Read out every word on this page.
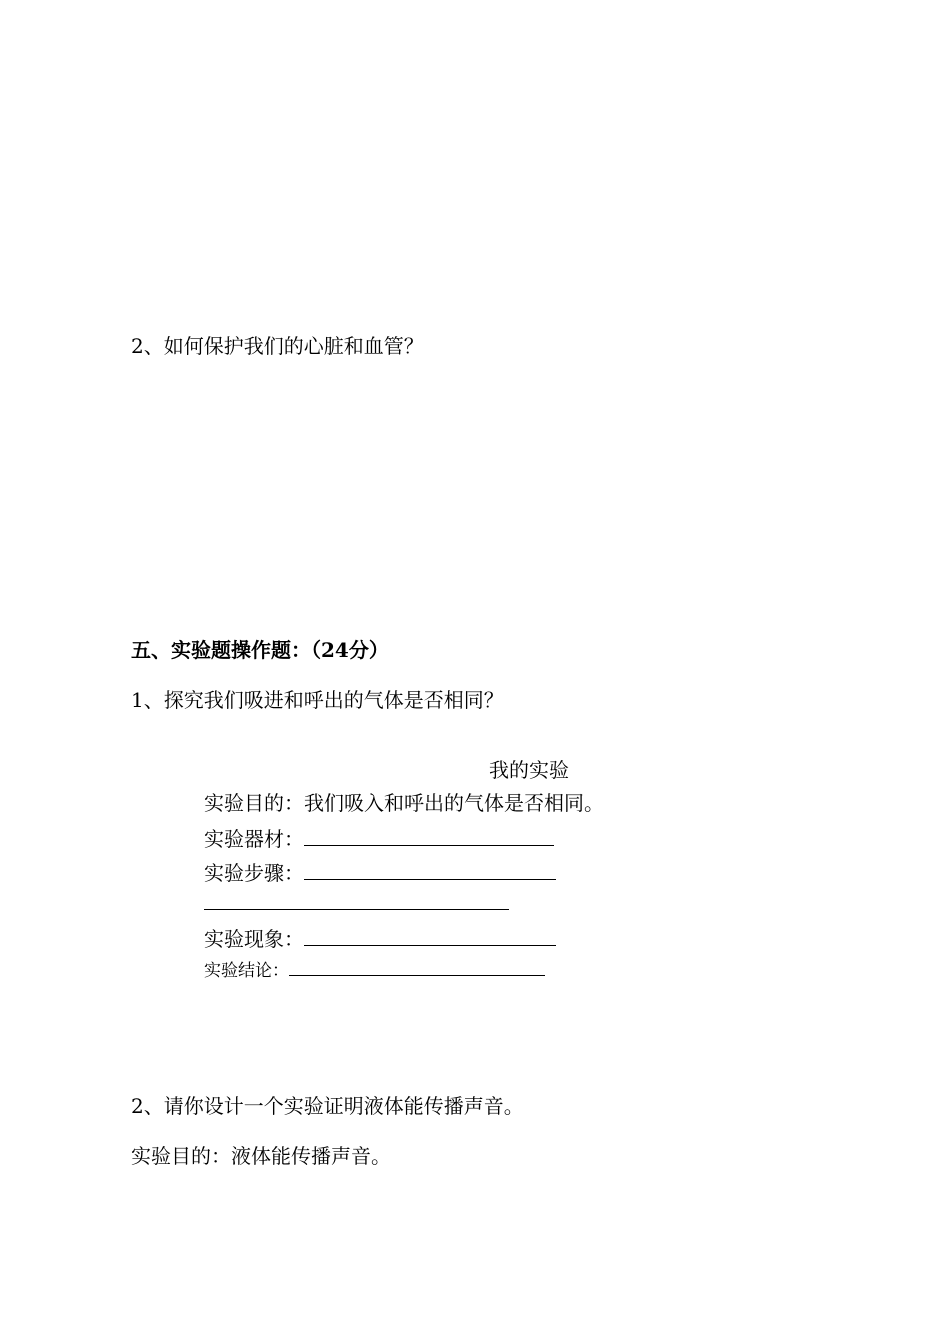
2、如何保护我们的心脏和血管？
五、实验题操作题：（24分）
1、探究我们吸进和呼出的气体是否相同？
我的实验
实验目的：我们吸入和呼出的气体是否相同。
实验器材：
实验步骤：
实验现象：
实验结论：
2、请你设计一个实验证明液体能传播声音。
实验目的：液体能传播声音。
